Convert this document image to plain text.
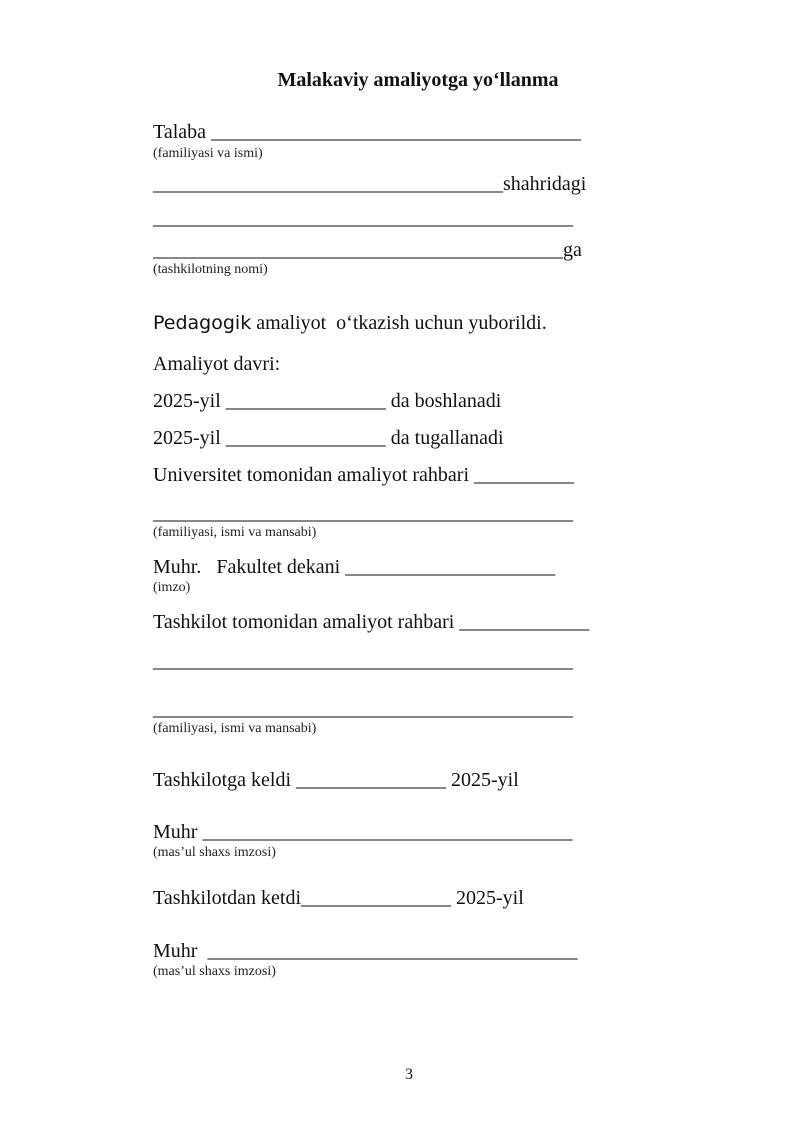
Malakaviy amaliyotga yo‘llanma
Talaba _____________________________________
(familiyasi va ismi)
___________________________________shahridagi
__________________________________________
_________________________________________ga
(tashkilotning nomi)
Pedagogik amaliyot  o‘tkazish uchun yuborildi.
Amaliyot davri:
2025-yil ________________ da boshlanadi
2025-yil ________________ da tugallanadi
Universitet tomonidan amaliyot rahbari __________
__________________________________________
(familiyasi, ismi va mansabi)
Muhr.   Fakultet dekani _____________________
(imzo)
Tashkilot tomonidan amaliyot rahbari _____________
__________________________________________
__________________________________________
(familiyasi, ismi va mansabi)
Tashkilotga keldi _______________ 2025-yil
Muhr _____________________________________
(mas’ul shaxs imzosi)
Tashkilotdan ketdi_______________ 2025-yil
Muhr  _____________________________________
(mas’ul shaxs imzosi)
3
